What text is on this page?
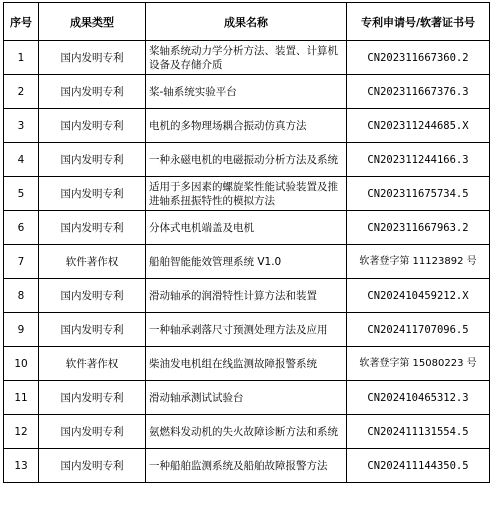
序号	成果类型	成果名称	专利申请号/软著证书号
1	国内发明专利	桨轴系统动力学分析方法、装置、计算机设备及存储介质	CN202311667360.2
2	国内发明专利	桨-轴系统实验平台	CN202311667376.3
3	国内发明专利	电机的多物理场耦合振动仿真方法	CN202311244685.X
4	国内发明专利	一种永磁电机的电磁振动分析方法及系统	CN202311244166.3
5	国内发明专利	适用于多因素的螺旋桨性能试验装置及推进轴系扭振特性的模拟方法	CN202311675734.5
6	国内发明专利	分体式电机端盖及电机	CN202311667963.2
7	软件著作权	船舶智能能效管理系统 V1.0	软著登字第 11123892 号
8	国内发明专利	滑动轴承的润滑特性计算方法和装置	CN202410459212.X
9	国内发明专利	一种轴承剥落尺寸预测处理方法及应用	CN202411707096.5
10	软件著作权	柴油发电机组在线监测故障报警系统	软著登字第 15080223 号
11	国内发明专利	滑动轴承测试试验台	CN202410465312.3
12	国内发明专利	氨燃料发动机的失火故障诊断方法和系统	CN202411131554.5
13	国内发明专利	一种船舶监测系统及船舶故障报警方法	CN202411144350.5
